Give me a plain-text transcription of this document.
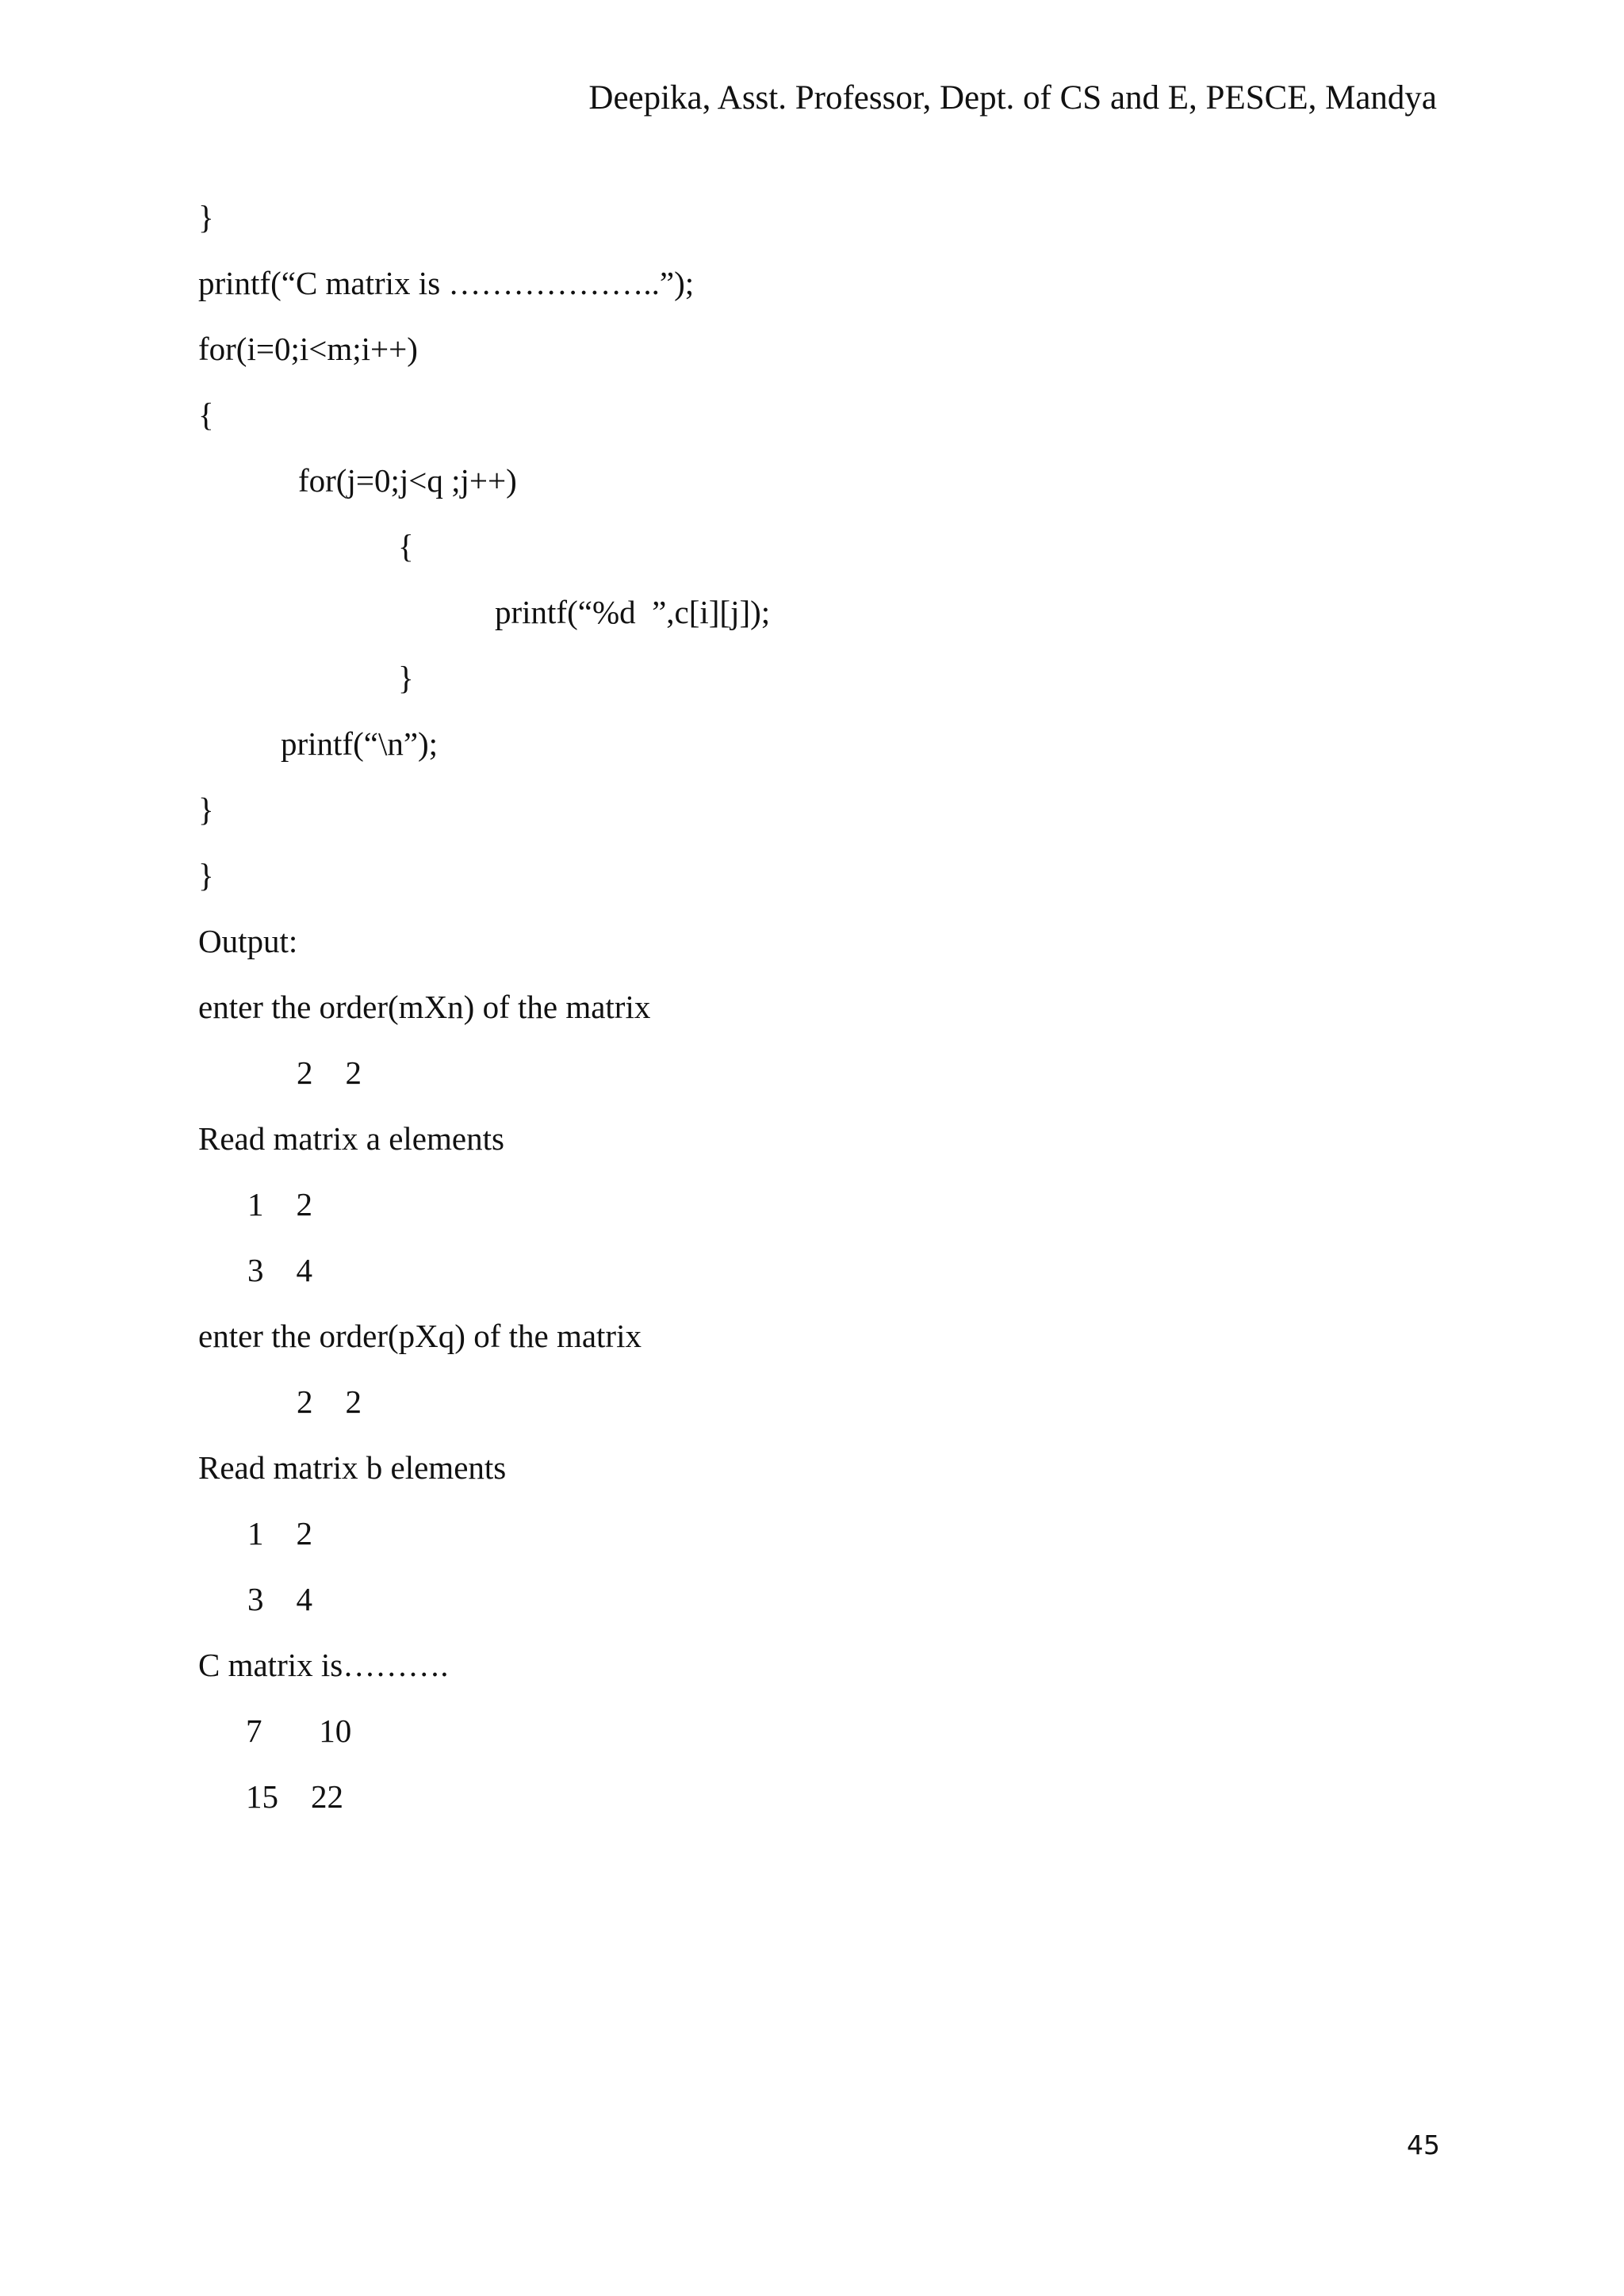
Deepika, Asst. Professor, Dept. of CS and E, PESCE, Mandya
}
printf(“C matrix is ………………..”);
for(i=0;i<m;i++)
{
for(j=0;j<q ;j++)
{
printf(“%d  ”,c[i][j]);
}
printf(“\n”);
}
}
Output:
enter the order(mXn) of the matrix
2    2
Read matrix a elements
1    2
3    4
enter the order(pXq) of the matrix
2    2
Read matrix b elements
1    2
3    4
C matrix is……….
7       10
15    22
45
